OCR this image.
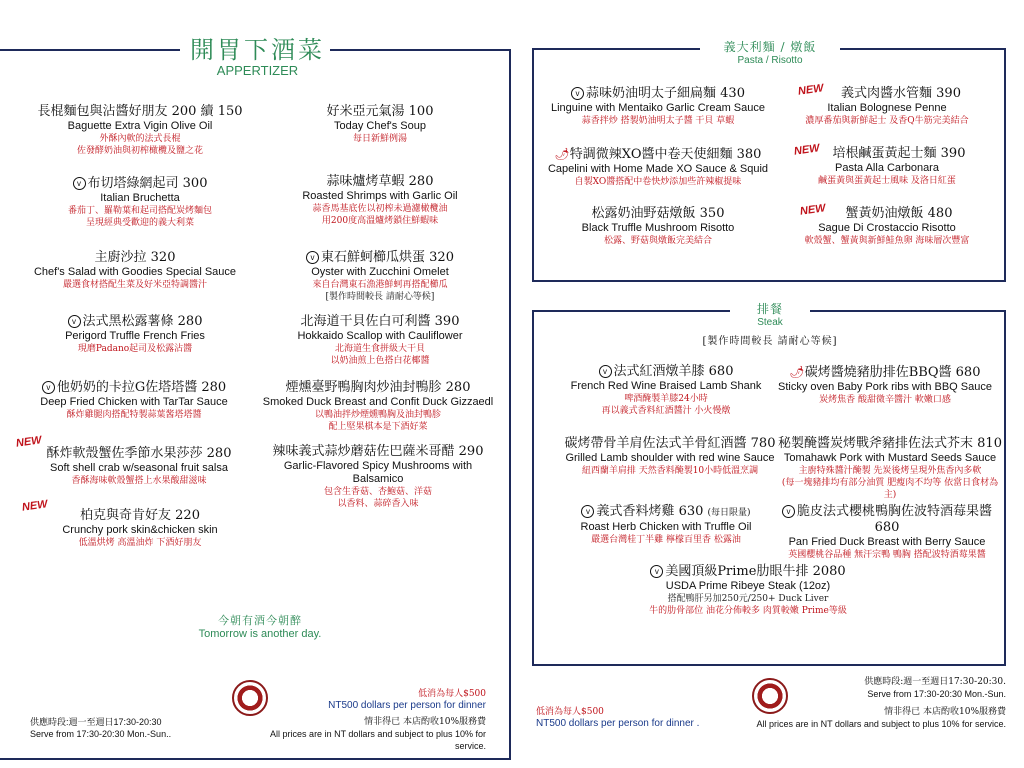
開胃下酒菜
APPERTIZER
長棍麵包與沾醬好朋友 200 續 150
Baguette Extra Vigin Olive Oil
外酥內軟的法式長棍
佐發酵奶油與初榨橄欖及鹽之花
好米亞元氣湯 100
Today Chef's Soup
每日新鮮例湯
v 布切塔綠網起司 300
Italian Bruchetta
番茄丁、羅勒葉和起司搭配炭烤麵包
呈現經典受歡迎的義大利菜
蒜味爐烤草蝦 280
Roasted Shrimps with Garlic Oil
蒜香馬基底佐以初榨未過濾橄欖油
用200度高溫爐烤鎖住鮮蝦味
主廚沙拉 320
Chef's Salad with Goodies Special Sauce
嚴選食材搭配生菜及好米亞特調醬汁
v 東石鮮蚵櫛瓜烘蛋 320
Oyster with Zucchini Omelet
來自台灣東石漁港鮮蚵再搭配櫛瓜
[製作時間較長 請耐心等候]
v 法式黑松露薯條 280
Perigord Truffle French Fries
現磨Padano起司及松露沾醬
北海道干貝佐白可利醬 390
Hokkaido Scallop with Cauliflower
北海道生食拼級大干貝
以奶油煎上色搭白花椰醬
v 他奶奶的卡拉G佐塔塔醬 280
Deep Fried Chicken with TarTar Sauce
酥炸雞腿肉搭配特製蒜葉酱塔塔醬
煙燻臺野鴨胸肉炒油封鴨胗 280
Smoked Duck Breast and Confit Duck Gizzaedl
以鴨油拌炒煙燻鴨胸及油封鴨胗
配上堅果棋本是下酒好菜
NEW
酥炸軟殼蟹佐季節水果莎莎 280
Soft shell crab w/seasonal fruit salsa
香酥海味軟殼蟹搭上水果酸甜滋味
辣味義式蒜炒蘑菇佐巴薩米哥醋 290
Garlic-Flavored Spicy Mushrooms with Balsamico
包含生香菇、杏鮑菇、洋菇
以香料、蒜碎香入味
NEW
柏克與奇肯好友 220
Crunchy pork skin&chicken skin
低溫烘烤 高溫油炸 下酒好朋友
今朝有酒今朝醉
Tomorrow is another day.
低消為每人$500
NT500 dollars per person for dinner
供應時段:週一至週日17:30-20:30
Serve from 17:30-20:30 Mon.-Sun..
情非得已 本店酌收10%服務費
All prices are in NT dollars and subject to plus 10% for service.
義大利麵 / 燉飯
Pasta / Risotto
v 蒜味奶油明太子細扁麵 430
Linguine with Mentaiko Garlic Cream Sauce
蒜香拌炒 搭製奶油明太子醬 干貝 草蝦
NEW	義式肉醬水管麵 390
Italian Bolognese Penne
濃厚番茄與新鮮起士 及香Q牛筋完美結合
🌶特調微辣XO醬中卷天使細麵 380
Capelini with Home Made XO Sauce & Squid
自製XO醬搭配中卷快炒添加些許辣椒提味
NEW 培根鹹蛋黃起士麵 390
Pasta Alla Carbonara
鹹蛋黃與蛋黃起士風味 及洛日紅蛋
松露奶油野菇燉飯 350
Black Truffle Mushroom Risotto
松露、野菇與燉飯完美結合
NEW	蟹黃奶油燉飯 480
Sague Di Crostaccio Risotto
軟殼蟹、蟹黃與新鮮鮭魚卵 海味層次豐富
排餐
Steak
[製作時間較長 請耐心等候]
v 法式紅酒燉羊膝 680
French Red Wine Braised Lamb Shank
啤酒醃製羊膝24小時
再以義式香料紅酒醬汁 小火慢燉
🌶碳烤醬燒豬肋排佐BBQ醬 680
Sticky oven Baby Pork ribs with BBQ Sauce
炭烤焦香 酸甜微辛醬汁 軟嫩口感
碳烤帶骨羊肩佐法式羊骨紅酒醬 780
Grilled Lamb shoulder with red wine Sauce
紐西蘭羊肩排 天然香料醃製10小時低溫烹調
秘製醃醬炭烤戰斧豬排佐法式芥末 810
Tomahawk Pork with Mustard Seeds Sauce
主廚特殊醬汁醃製 先炭後烤呈現外焦香內多軟
(每一塊豬排均有部分油質 肥瘦肉不均等 依當日食材為主)
v 義式香料烤雞 630 (每日限量)
Roast Herb Chicken with Truffle Oil
嚴選台灣桂丁半雞 檸檬百里香 松露油
v 脆皮法式櫻桃鴨胸佐波特酒莓果醬 680
Pan Fried Duck Breast with Berry Sauce
英國櫻桃谷品種 無汗宗鴨 鴨胸 搭配波特酒莓果醬
v 美國頂級Prime肋眼牛排 2080
USDA Prime Ribeye Steak (12oz)
搭配鴨肝另加250元/250+ Duck Liver
牛的肋骨部位 油花分佈較多 肉質較嫩 Prime等級
低消為每人$500
NT500 dollars per person for dinner .
供應時段:週一至週日17:30-20:30.
Serve from 17:30-20:30 Mon.-Sun.
情非得已 本店酌收10%服務費
All prices are in NT dollars and subject to plus 10% for service.
